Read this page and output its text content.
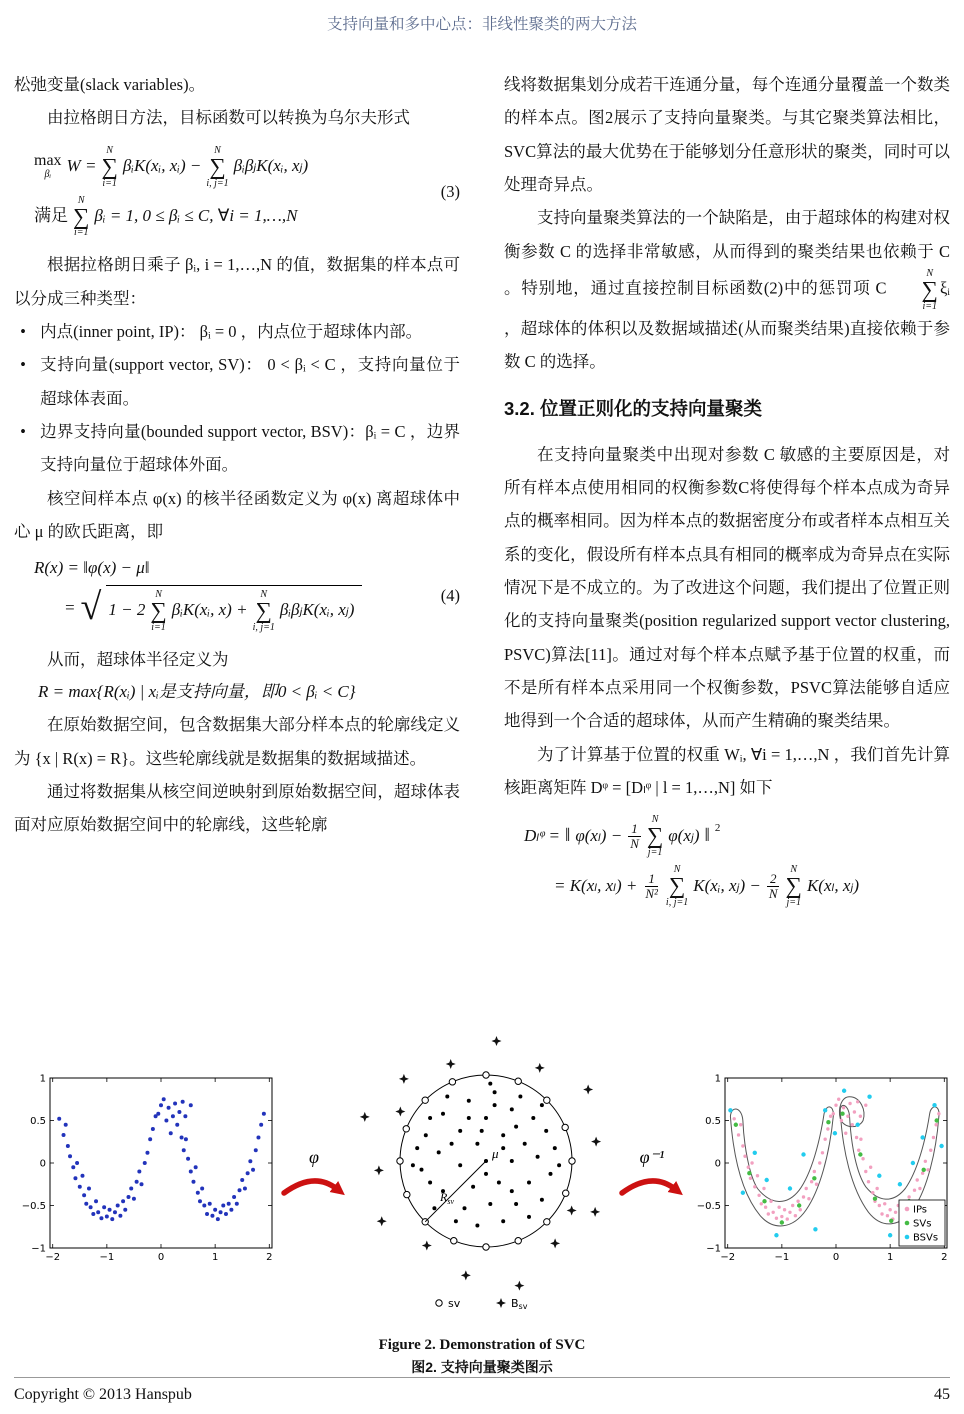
支持向量和多中心点：非线性聚类的两大方法

松弛变量(slack variables)。

由拉格朗日方法，目标函数可以转换为乌尔夫形式

max
βᵢ W =
N
∑
i=1
βᵢK(xᵢ, xᵢ) −
N
∑
i, j=1
βᵢβⱼK(xᵢ, xⱼ)
满足
N
∑
i=1
βᵢ = 1, 0 ≤ βᵢ ≤ C, ∀i = 1,…,N
(3)

根据拉格朗日乘子 βᵢ, i = 1,…,N 的值，数据集的样本点可以分成三种类型：

• 内点(inner point, IP)： βᵢ = 0 ，内点位于超球体内部。
• 支持向量(support vector, SV)： 0 < βᵢ < C ，支持向量位于超球体表面。
• 边界支持向量(bounded support vector, BSV)：βᵢ = C ，边界支持向量位于超球体外面。

核空间样本点 φ(x) 的核半径函数定义为 φ(x) 离超球体中心 μ 的欧氏距离，即

R(x) = ‖φ(x) − μ‖
= √ 1 − 2
N
∑
i=1
βᵢK(xᵢ, x) +
N
∑
i, j=1
βᵢβⱼK(xᵢ, xⱼ)
(4)

从而，超球体半径定义为

R = max{R(xᵢ) | xᵢ是支持向量，即0 < βᵢ < C}

在原始数据空间，包含数据集大部分样本点的轮廓线定义为 {x | R(x) = R}。这些轮廓线就是数据集的数据域描述。

通过将数据集从核空间逆映射到原始数据空间，超球体表面对应原始数据空间中的轮廓线，这些轮廓

线将数据集划分成若干连通分量，每个连通分量覆盖一个数类的样本点。图2展示了支持向量聚类。与其它聚类算法相比，SVC算法的最大优势在于能够划分任意形状的聚类，同时可以处理奇异点。

支持向量聚类算法的一个缺陷是，由于超球体的构建对权衡参数 C 的选择非常敏感，从而得到的聚类结果也依赖于 C 。特别地，通过直接控制目标函数(2)中的惩罚项 C
N
∑
i=1
ξᵢ ，超球体的体积以及数据域描述(从而聚类结果)直接依赖于参数 C 的选择。

3.2. 位置正则化的支持向量聚类

在支持向量聚类中出现对参数 C 敏感的主要原因是，对所有样本点使用相同的权衡参数C将使得每个样本点成为奇异点的概率相同。因为样本点的数据密度分布或者样本点相互关系的变化，假设所有样本点具有相同的概率成为奇异点在实际情况下是不成立的。为了改进这个问题，我们提出了位置正则化的支持向量聚类(position regularized support vector clustering, PSVC)算法[11]。通过对每个样本点赋予基于位置的权重，而不是所有样本点采用同一个权衡参数，PSVC算法能够自适应地得到一个合适的超球体，从而产生精确的聚类结果。

为了计算基于位置的权重 Wᵢ, ∀i = 1,…,N ，我们首先计算核距离矩阵 Dᵠ = [Dₗᵠ | l = 1,…,N] 如下

Dₗᵠ = ‖ $\varphi(x_l) - \frac{1}{N}$
N
∑
j=1
φ(xⱼ) ‖ 2
= K(xₗ, $x_l) + \frac{1}{\text{N²}}$
N
∑
i, j=1
K(xᵢ, xⱼ) − $\frac{2}{N}$
N
∑
j=1
K(xₗ, xⱼ)
−2	−1	0	1	2
−1
−0.5
0
0.5
1
φ	μ
$R_{sv}$
sv	Bsv
φ⁻¹
−2	−1	0	1	2
−1
−0.5
0
0.5
1
IPs
SVs
BSVs
Figure 2. Demonstration of SVC
图2. 支持向量聚类图示
Copyright © 2013 Hanspub	45
